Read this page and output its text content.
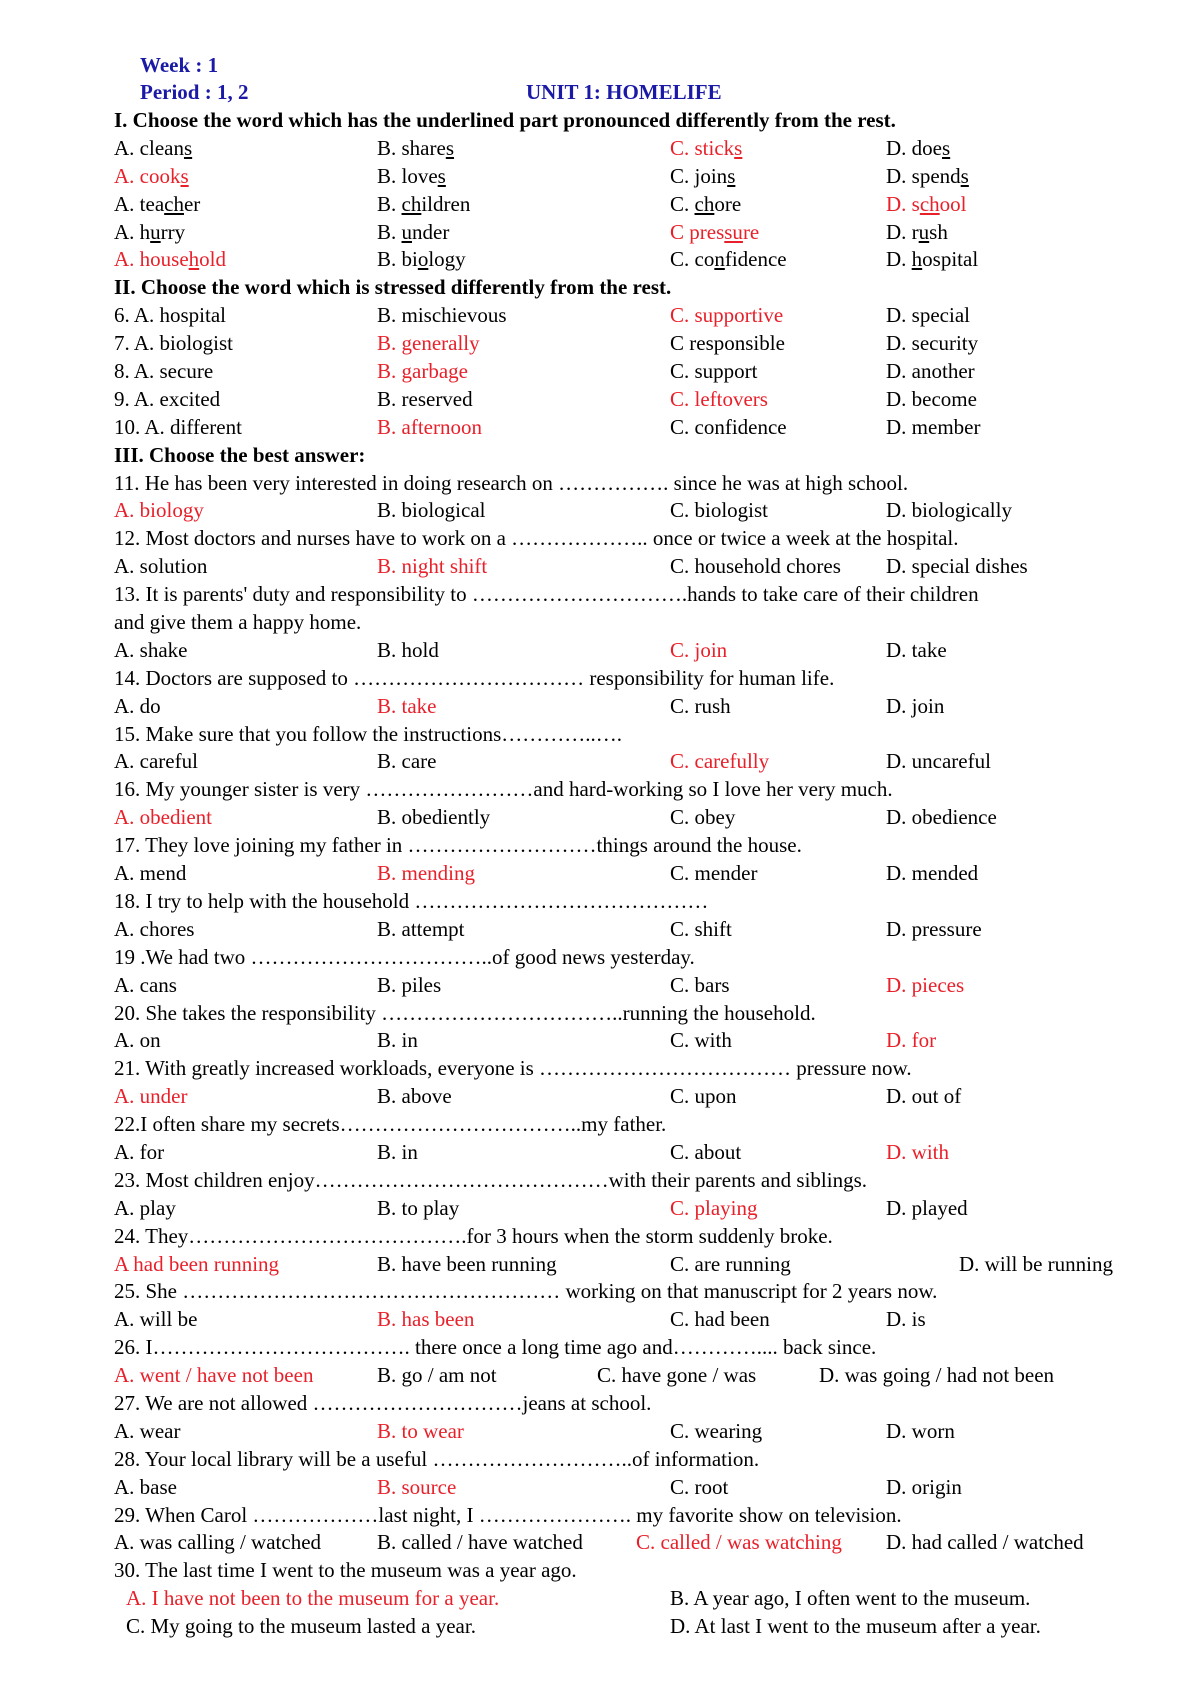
Week : 1
Period : 1, 2	UNIT 1: HOMELIFE
I. Choose the word which has the underlined part pronounced differently from the rest.
A. cleans	B. shares	C. sticks	D. does
A. cooks	B. loves	C. joins	D. spends
A. teacher	B. children	C. chore	D. school
A. hurry	B. under	C pressure	D. rush
A. household	B. biology	C. confidence	D. hospital
II. Choose the word which is stressed differently from the rest.
6. A. hospital	B. mischievous	C. supportive	D. special
7. A. biologist	B. generally	C responsible	D. security
8. A. secure	B. garbage	C. support	D. another
9. A. excited	B. reserved	C. leftovers	D. become
10. A. different	B. afternoon	C. confidence	D. member
III. Choose the best answer:
11. He has been very interested in doing research on ……………. since he was at high school.
A. biology	B. biological	C. biologist	D. biologically
12. Most doctors and nurses have to work on a ……………….. once or twice a week at the hospital.
A. solution	B. night shift	C. household chores D. special dishes
13. It is parents' duty and responsibility to ………………………….hands to take care of their children
and give them a happy home.
A. shake	B. hold	C. join	D. take
14. Doctors are supposed to …………………………… responsibility for human life.
A. do	B. take	C. rush	D. join
15. Make sure that you follow the instructions…………..….
A. careful	B. care	C. carefully	D. uncareful
16. My younger sister is very ……………………and hard-working so I love her very much.
A. obedient	B. obediently	C. obey	D. obedience
17. They love joining my father in ………………………things around the house.
A. mend	B. mending	C. mender	D. mended
18. I try to help with the household ……………………………………
A. chores	B. attempt	C. shift	D. pressure
19 .We had two ……………………………..of good news yesterday.
A. cans	B. piles	C. bars	D. pieces
20. She takes the responsibility ……………………………..running the household.
A. on	B. in	C. with	D. for
21. With greatly increased workloads, everyone is ……………………………… pressure now.
A. under	B. above	C. upon	D. out of
22.I often share my secrets……………………………..my father.
A. for	B. in	C. about	D. with
23. Most children enjoy……………………………………with their parents and siblings.
A. play	B. to play	C. playing	D. played
24. They………………………………….for 3 hours when the storm suddenly broke.
A had been running	B. have been running	C. are running	D. will be running
25. She ……………………………………………… working on that manuscript for 2 years now.
A. will be	B. has been	C. had been	D. is
26. I………………………………. there once a long time ago and………….... back since.
A. went / have not been	B. go / am not	C. have gone / was	D. was going / had not been
27. We are not allowed …………………………jeans at school.
A. wear	B. to wear	C. wearing	D. worn
28. Your local library will be a useful ………………………..of information.
A. base	B. source	C. root	D. origin
29. When Carol ………………last night, I …………………. my favorite show on television.
A. was calling / watched	B. called / have watched	C. called / was watching D. had called / watched
30. The last time I went to the museum was a year ago.
A. I have not been to the museum for a year.	B. A year ago, I often went to the museum.
C. My going to the museum lasted a year.	D. At last I went to the museum after a year.
